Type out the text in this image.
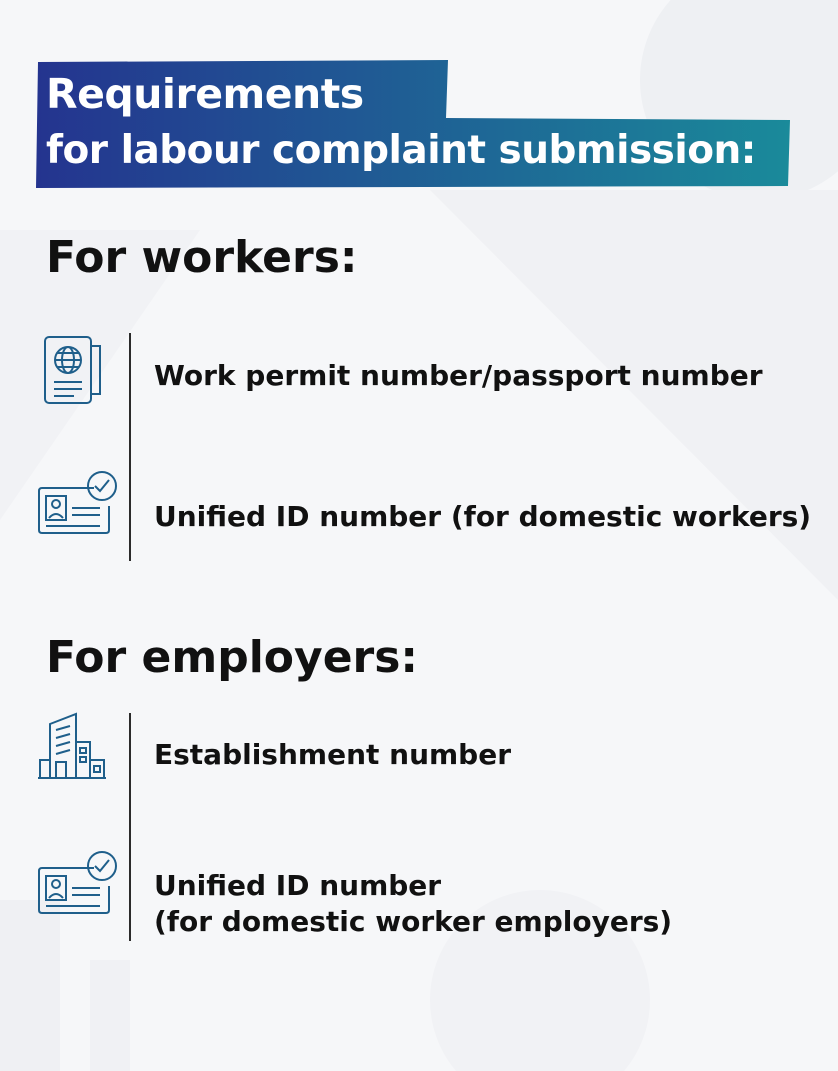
Requirements
for labour complaint submission:
For workers:
Work permit number/passport number
Unified ID number (for domestic workers)
For employers:
Establishment number
Unified ID number
(for domestic worker employers)
